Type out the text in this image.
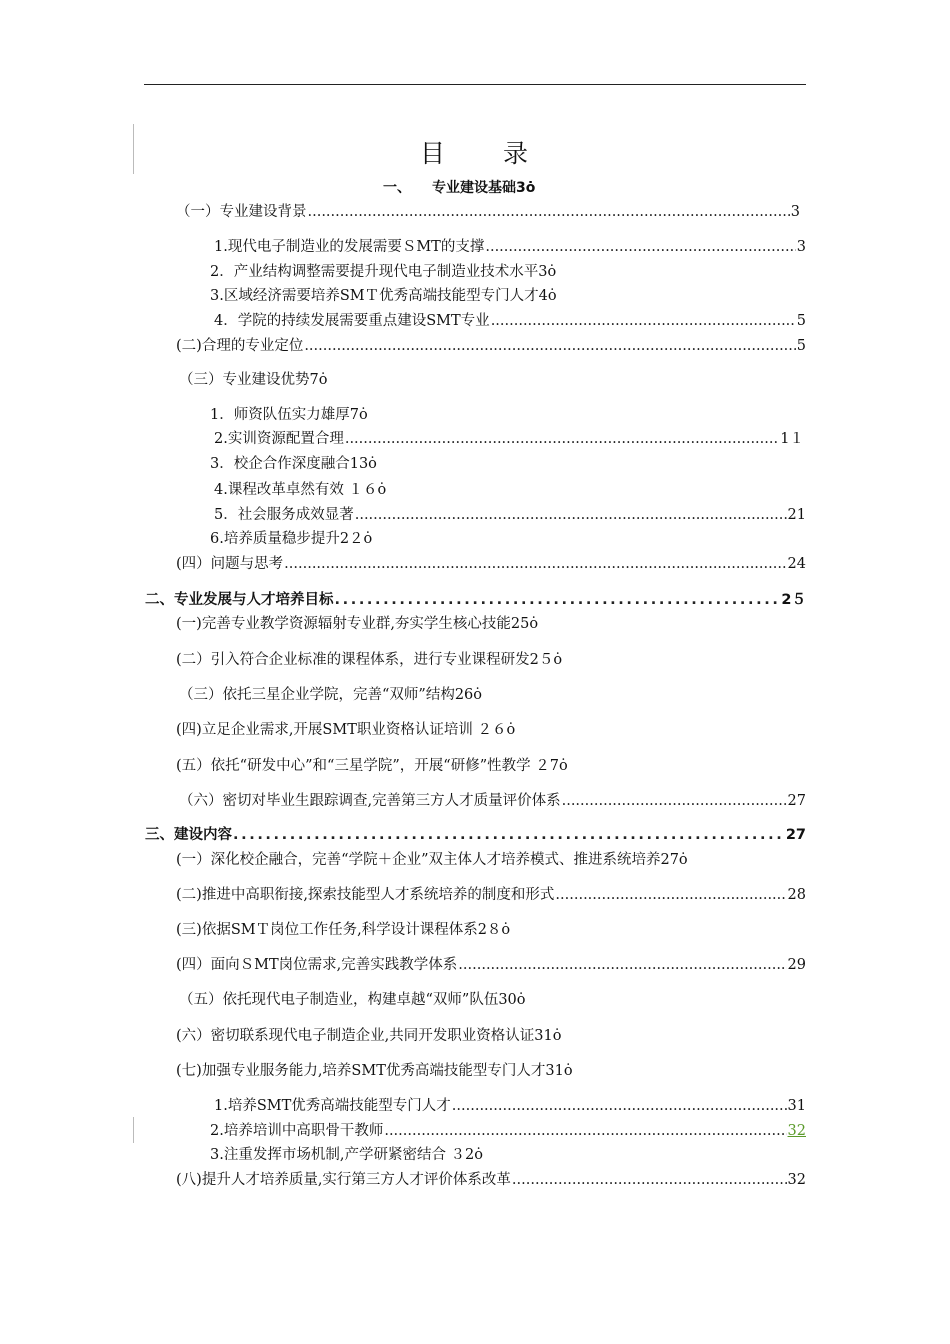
目 录
一、　　专业建设基础3ȯ
（一）专业建设背景 .....	3
1.现代电子制造业的发展需要ＳMT的支撑 .....	3
2．产业结构调整需要提升现代电子制造业技术水平3ȯ
3.区域经济需要培养SMＴ优秀高端技能型专门人才4ȯ
4．学院的持续发展需要重点建设SMT专业 .....	5
(二)合理的专业定位 .....	5
（三）专业建设优势7ȯ
1．师资队伍实力雄厚7ȯ
2.实训资源配置合理 .....	1１
3．校企合作深度融合13ȯ
4.课程改革卓然有效 １６ȯ
5．社会服务成效显著 .....	21
6.培养质量稳步提升2２ȯ
(四）问题与思考 .....	24
二、专业发展与人才培养目标 .....	2５
(一)完善专业教学资源辐射专业群,夯实学生核心技能25ȯ
(二）引入符合企业标准的课程体系，进行专业课程研发2５ȯ
（三）依托三星企业学院，完善“双师”结构26ȯ
(四)立足企业需求,开展SMT职业资格认证培训 ２６ȯ
(五）依托“研发中心”和“三星学院”，开展“研修”性教学 ２7ȯ
（六）密切对毕业生跟踪调查,完善第三方人才质量评价体系 .....	27
三、建设内容 .....	27
(一）深化校企融合，完善“学院＋企业”双主体人才培养模式、推进系统培养27ȯ
(二)推进中高职衔接,探索技能型人才系统培养的制度和形式 .....	28
(三)依据SMＴ岗位工作任务,科学设计课程体系2８ȯ
(四）面向ＳMT岗位需求,完善实践教学体系 .....	29
（五）依托现代电子制造业，构建卓越“双师”队伍30ȯ
(六）密切联系现代电子制造企业,共同开发职业资格认证31ȯ
(七)加强专业服务能力,培养SMT优秀高端技能型专门人才31ȯ
1.培养SMT优秀高端技能型专门人才 .....	31
2.培养培训中高职骨干教师 .....	32
3.注重发挥市场机制,产学研紧密结合 ３2ȯ
(八)提升人才培养质量,实行第三方人才评价体系改革 .....	32
